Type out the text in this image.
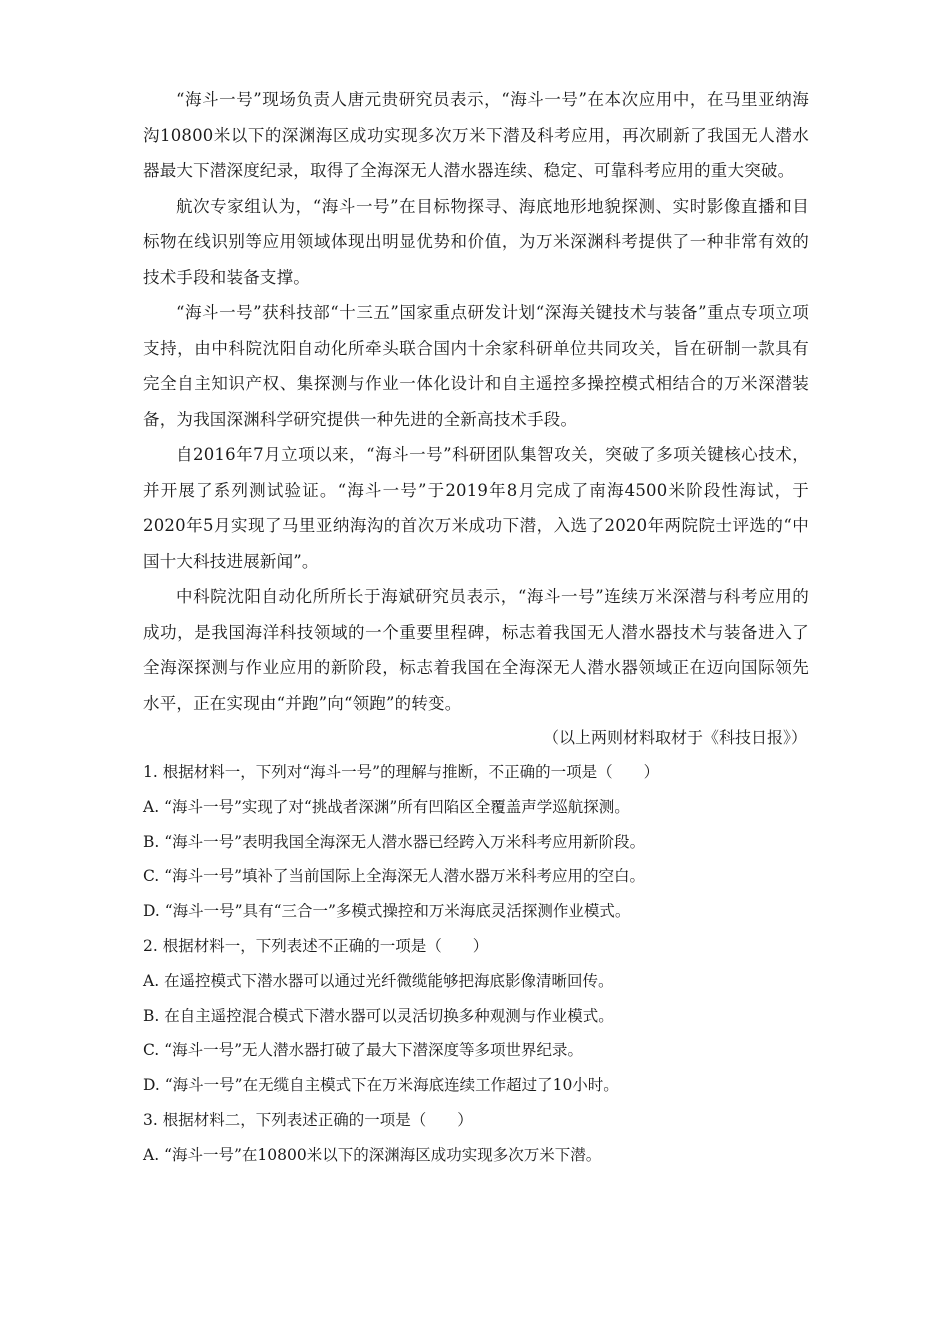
“海斗一号”现场负责人唐元贵研究员表示，“海斗一号”在本次应用中，在马里亚纳海沟10800米以下的深渊海区成功实现多次万米下潜及科考应用，再次刷新了我国无人潜水器最大下潜深度纪录，取得了全海深无人潜水器连续、稳定、可靠科考应用的重大突破。

航次专家组认为，“海斗一号”在目标物探寻、海底地形地貌探测、实时影像直播和目标物在线识别等应用领域体现出明显优势和价值，为万米深渊科考提供了一种非常有效的技术手段和装备支撑。

“海斗一号”获科技部“十三五”国家重点研发计划“深海关键技术与装备”重点专项立项支持，由中科院沈阳自动化所牵头联合国内十余家科研单位共同攻关，旨在研制一款具有完全自主知识产权、集探测与作业一体化设计和自主遥控多操控模式相结合的万米深潜装备，为我国深渊科学研究提供一种先进的全新高技术手段。

自2016年7月立项以来，“海斗一号”科研团队集智攻关，突破了多项关键核心技术，并开展了系列测试验证。“海斗一号”于2019年8月完成了南海4500米阶段性海试，于2020年5月实现了马里亚纳海沟的首次万米成功下潜，入选了2020年两院院士评选的“中国十大科技进展新闻”。

中科院沈阳自动化所所长于海斌研究员表示，“海斗一号”连续万米深潜与科考应用的成功，是我国海洋科技领域的一个重要里程碑，标志着我国无人潜水器技术与装备进入了全海深探测与作业应用的新阶段，标志着我国在全海深无人潜水器领域正在迈向国际领先水平，正在实现由“并跑”向“领跑”的转变。

（以上两则材料取材于《科技日报》）

1. 根据材料一，下列对“海斗一号”的理解与推断，不正确的一项是（　　）

A. “海斗一号”实现了对“挑战者深渊”所有凹陷区全覆盖声学巡航探测。

B. “海斗一号”表明我国全海深无人潜水器已经跨入万米科考应用新阶段。

C. “海斗一号”填补了当前国际上全海深无人潜水器万米科考应用的空白。

D. “海斗一号”具有“三合一”多模式操控和万米海底灵活探测作业模式。

2. 根据材料一，下列表述不正确的一项是（　　）

A. 在遥控模式下潜水器可以通过光纤微缆能够把海底影像清晰回传。

B. 在自主遥控混合模式下潜水器可以灵活切换多种观测与作业模式。

C. “海斗一号”无人潜水器打破了最大下潜深度等多项世界纪录。

D. “海斗一号”在无缆自主模式下在万米海底连续工作超过了10小时。

3. 根据材料二，下列表述正确的一项是（　　）

A. “海斗一号”在10800米以下的深渊海区成功实现多次万米下潜。
